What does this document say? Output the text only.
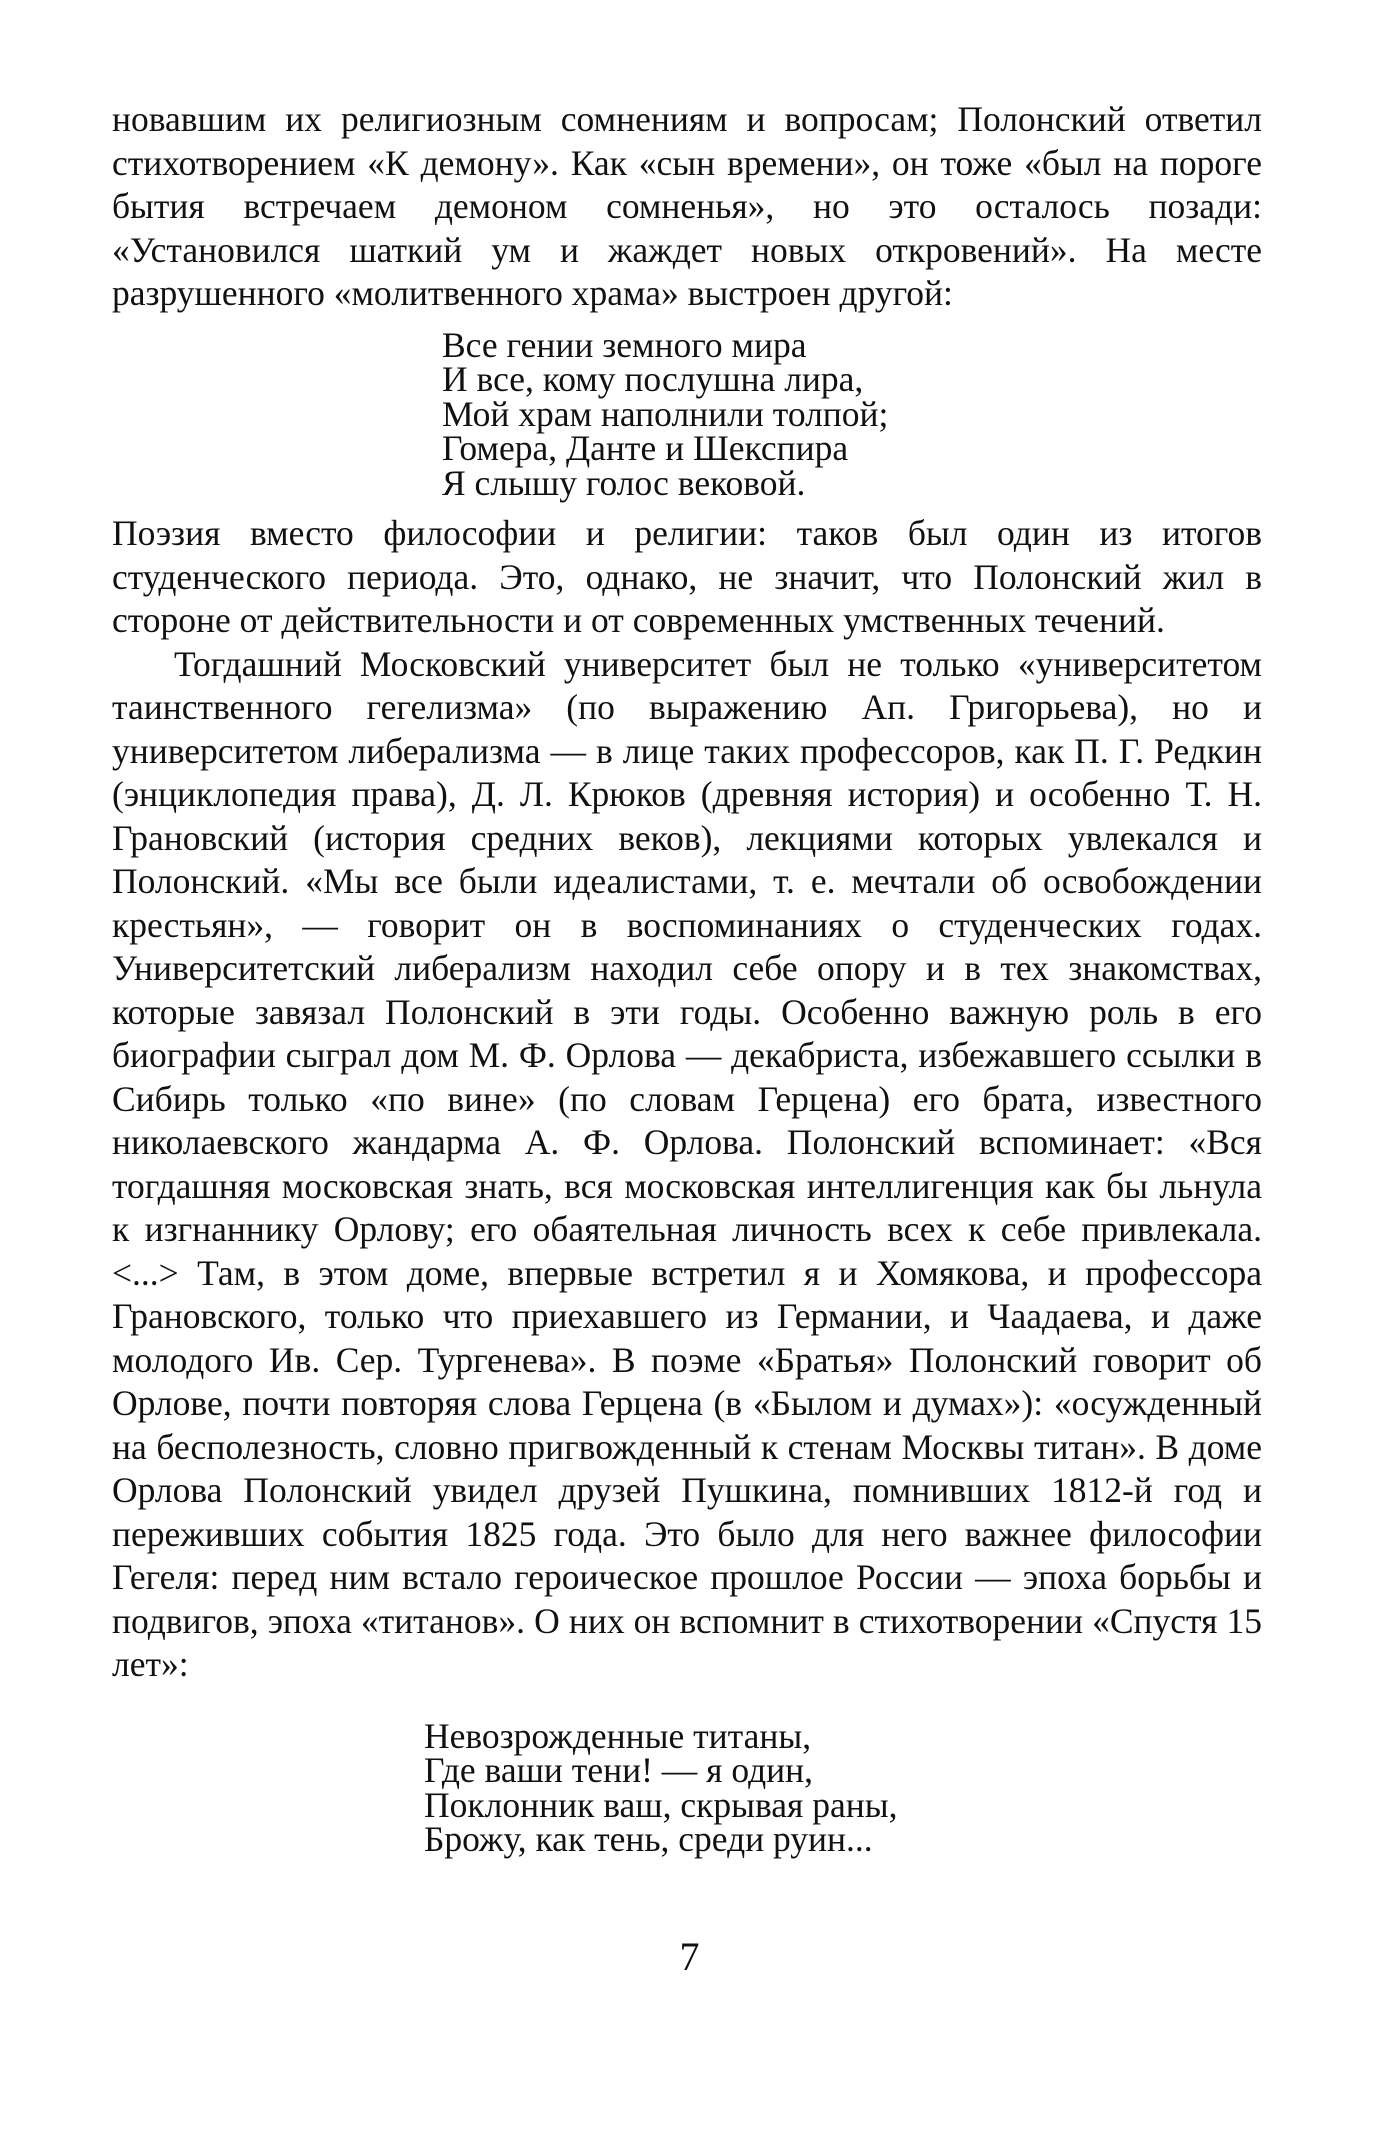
новавшим их религиозным сомнениям и вопросам; Полонский ответил стихотворением «К демону». Как «сын времени», он тоже «был на пороге бытия встречаем демоном сомненья», но это осталось позади: «Установился шаткий ум и жаждет новых откровений». На месте разрушенного «молитвенного храма» выстроен другой:

Все гении земного мира
И все, кому послушна лира,
Мой храм наполнили толпой;
Гомера, Данте и Шекспира
Я слышу голос вековой.

Поэзия вместо философии и религии: таков был один из итогов студенческого периода. Это, однако, не значит, что Полонский жил в стороне от действительности и от современных умственных течений.

Тогдашний Московский университет был не только «университетом таинственного гегелизма» (по выражению Ап. Григорьева), но и университетом либерализма — в лице таких профессоров, как П. Г. Редкин (энциклопедия права), Д. Л. Крюков (древняя история) и особенно Т. Н. Грановский (история средних веков), лекциями которых увлекался и Полонский. «Мы все были идеалистами, т. е. мечтали об освобождении крестьян», — говорит он в воспоминаниях о студенческих годах. Университетский либерализм находил себе опору и в тех знакомствах, которые завязал Полонский в эти годы. Особенно важную роль в его биографии сыграл дом М. Ф. Орлова — декабриста, избежавшего ссылки в Сибирь только «по вине» (по словам Герцена) его брата, известного николаевского жандарма А. Ф. Орлова. Полонский вспоминает: «Вся тогдашняя московская знать, вся московская интеллигенция как бы льнула к изгнаннику Орлову; его обаятельная личность всех к себе привлекала. <...> Там, в этом доме, впервые встретил я и Хомякова, и профессора Грановского, только что приехавшего из Германии, и Чаадаева, и даже молодого Ив. Сер. Тургенева». В поэме «Братья» Полонский говорит об Орлове, почти повторяя слова Герцена (в «Былом и думах»): «осужденный на бесполезность, словно пригвожденный к стенам Москвы титан». В доме Орлова Полонский увидел друзей Пушкина, помнивших 1812-й год и переживших события 1825 года. Это было для него важнее философии Гегеля: перед ним встало героическое прошлое России — эпоха борьбы и подвигов, эпоха «титанов». О них он вспомнит в стихотворении «Спустя 15 лет»:

Невозрожденные титаны,
Где ваши тени! — я один,
Поклонник ваш, скрывая раны,
Брожу, как тень, среди руин...
7
